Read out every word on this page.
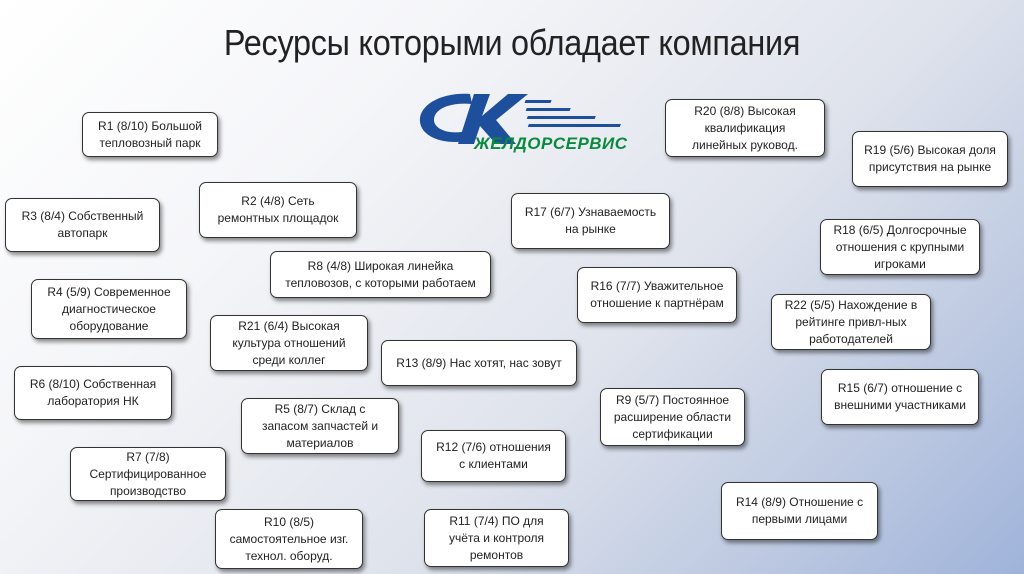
Ресурсы которыми обладает компания
ЖЕЛДОРСЕРВИС
R1 (8/10) Большой
тепловозный парк
R2 (4/8) Сеть
ремонтных площадок
R3 (8/4) Собственный
автопарк
R4 (5/9) Современное
диагностическое
оборудование
R5 (8/7) Склад с
запасом запчастей и
материалов
R6 (8/10) Собственная
лаборатория НК
R7 (7/8)
Сертифицированное
производство
R8 (4/8) Широкая линейка
тепловозов, с которыми работаем
R9 (5/7) Постоянное
расширение области
сертификации
R10 (8/5)
самостоятельное изг.
технол. оборуд.
R11 (7/4) ПО для
учёта и контроля
ремонтов
R12 (7/6) отношения
с клиентами
R13 (8/9) Нас хотят, нас зовут
R14 (8/9) Отношение с
первыми лицами
R15 (6/7) отношение с
внешними участниками
R16 (7/7) Уважительное
отношение к партнёрам
R17 (6/7) Узнаваемость
на рынке	R18 (6/5) Долгосрочные
отношения с крупными
игроками
R19 (5/6) Высокая доля
присутствия на рынке
R20 (8/8) Высокая
квалификация
линейных руковод.
R21 (6/4) Высокая
культура отношений
среди коллег
R22 (5/5) Нахождение в
рейтинге привл-ных
работодателей
